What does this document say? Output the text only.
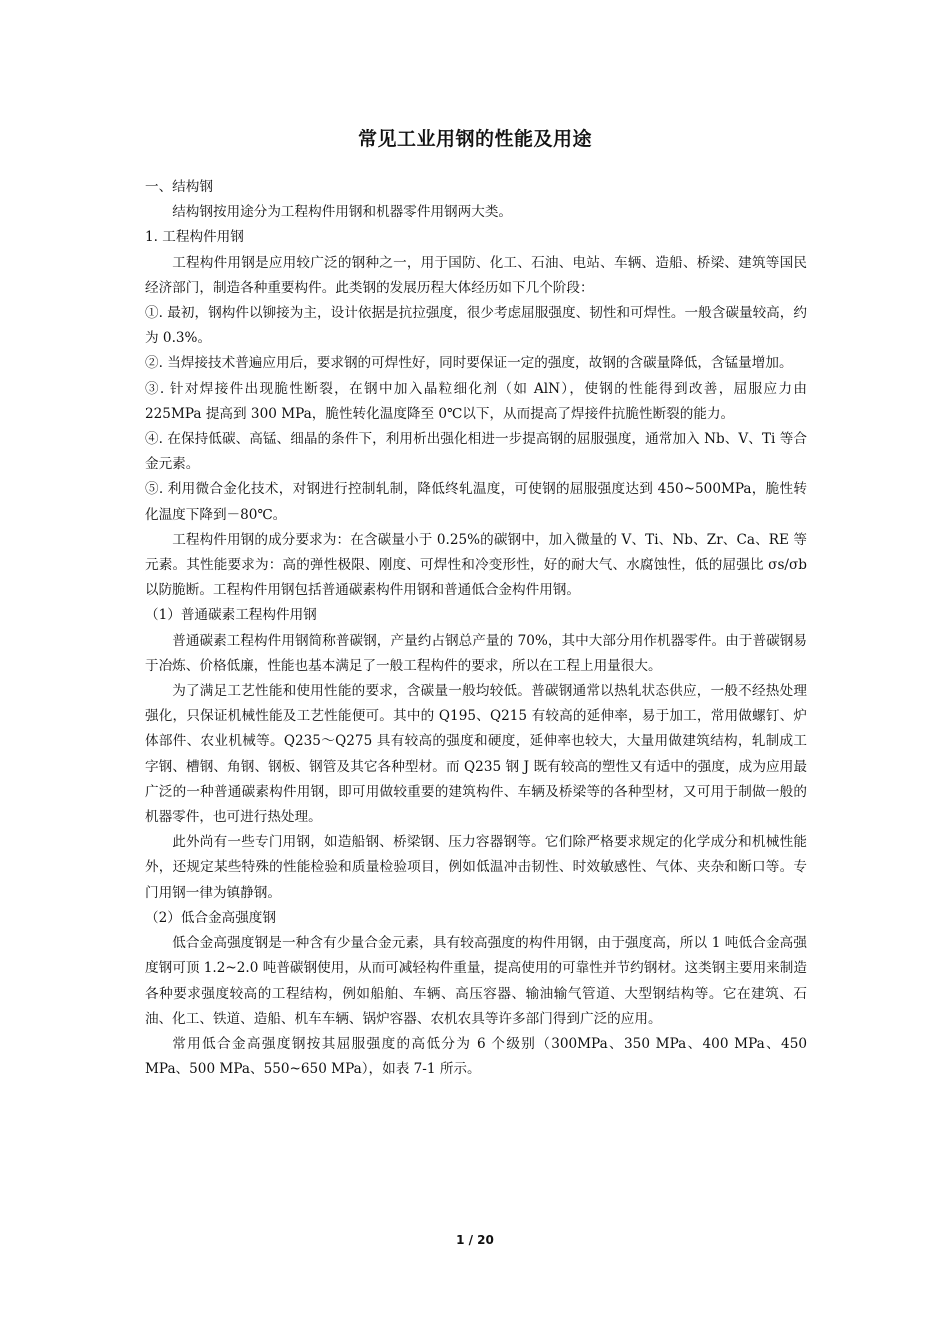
常见工业用钢的性能及用途

一、结构钢

结构钢按用途分为工程构件用钢和机器零件用钢两大类。

1. 工程构件用钢

工程构件用钢是应用较广泛的钢种之一，用于国防、化工、石油、电站、车辆、造船、桥梁、建筑等国民经济部门，制造各种重要构件。此类钢的发展历程大体经历如下几个阶段：

①. 最初，钢构件以铆接为主，设计依据是抗拉强度，很少考虑屈服强度、韧性和可焊性。一般含碳量较高，约为 0.3%。

②. 当焊接技术普遍应用后，要求钢的可焊性好，同时要保证一定的强度，故钢的含碳量降低，含锰量增加。

③. 针对焊接件出现脆性断裂，在钢中加入晶粒细化剂（如 AlN），使钢的性能得到改善，屈服应力由 225MPa 提高到 300 MPa，脆性转化温度降至 0℃以下，从而提高了焊接件抗脆性断裂的能力。

④. 在保持低碳、高锰、细晶的条件下，利用析出强化相进一步提高钢的屈服强度，通常加入 Nb、V、Ti 等合金元素。

⑤. 利用微合金化技术，对钢进行控制轧制，降低终轧温度，可使钢的屈服强度达到 450~500MPa，脆性转化温度下降到－80℃。

工程构件用钢的成分要求为：在含碳量小于 0.25%的碳钢中，加入微量的 V、Ti、Nb、Zr、Ca、RE 等元素。其性能要求为：高的弹性极限、刚度、可焊性和冷变形性，好的耐大气、水腐蚀性，低的屈强比 σs/σb 以防脆断。工程构件用钢包括普通碳素构件用钢和普通低合金构件用钢。

（1）普通碳素工程构件用钢

普通碳素工程构件用钢简称普碳钢，产量约占钢总产量的 70%，其中大部分用作机器零件。由于普碳钢易于冶炼、价格低廉，性能也基本满足了一般工程构件的要求，所以在工程上用量很大。

为了满足工艺性能和使用性能的要求，含碳量一般均较低。普碳钢通常以热轧状态供应，一般不经热处理强化，只保证机械性能及工艺性能便可。其中的 Q195、Q215 有较高的延伸率，易于加工，常用做螺钉、炉体部件、农业机械等。Q235～Q275 具有较高的强度和硬度，延伸率也较大，大量用做建筑结构，轧制成工字钢、槽钢、角钢、钢板、钢管及其它各种型材。而 Q235 钢 J 既有较高的塑性又有适中的强度，成为应用最广泛的一种普通碳素构件用钢，即可用做较重要的建筑构件、车辆及桥梁等的各种型材，又可用于制做一般的机器零件，也可进行热处理。

此外尚有一些专门用钢，如造船钢、桥梁钢、压力容器钢等。它们除严格要求规定的化学成分和机械性能外，还规定某些特殊的性能检验和质量检验项目，例如低温冲击韧性、时效敏感性、气体、夹杂和断口等。专门用钢一律为镇静钢。

（2）低合金高强度钢

低合金高强度钢是一种含有少量合金元素，具有较高强度的构件用钢，由于强度高，所以 1 吨低合金高强度钢可顶 1.2~2.0 吨普碳钢使用，从而可减轻构件重量，提高使用的可靠性并节约钢材。这类钢主要用来制造各种要求强度较高的工程结构，例如船舶、车辆、高压容器、输油输气管道、大型钢结构等。它在建筑、石油、化工、铁道、造船、机车车辆、锅炉容器、农机农具等许多部门得到广泛的应用。

常用低合金高强度钢按其屈服强度的高低分为 6 个级别（300MPa、350 MPa、400 MPa、450 MPa、500 MPa、550~650 MPa），如表 7-1 所示。

1 / 20
